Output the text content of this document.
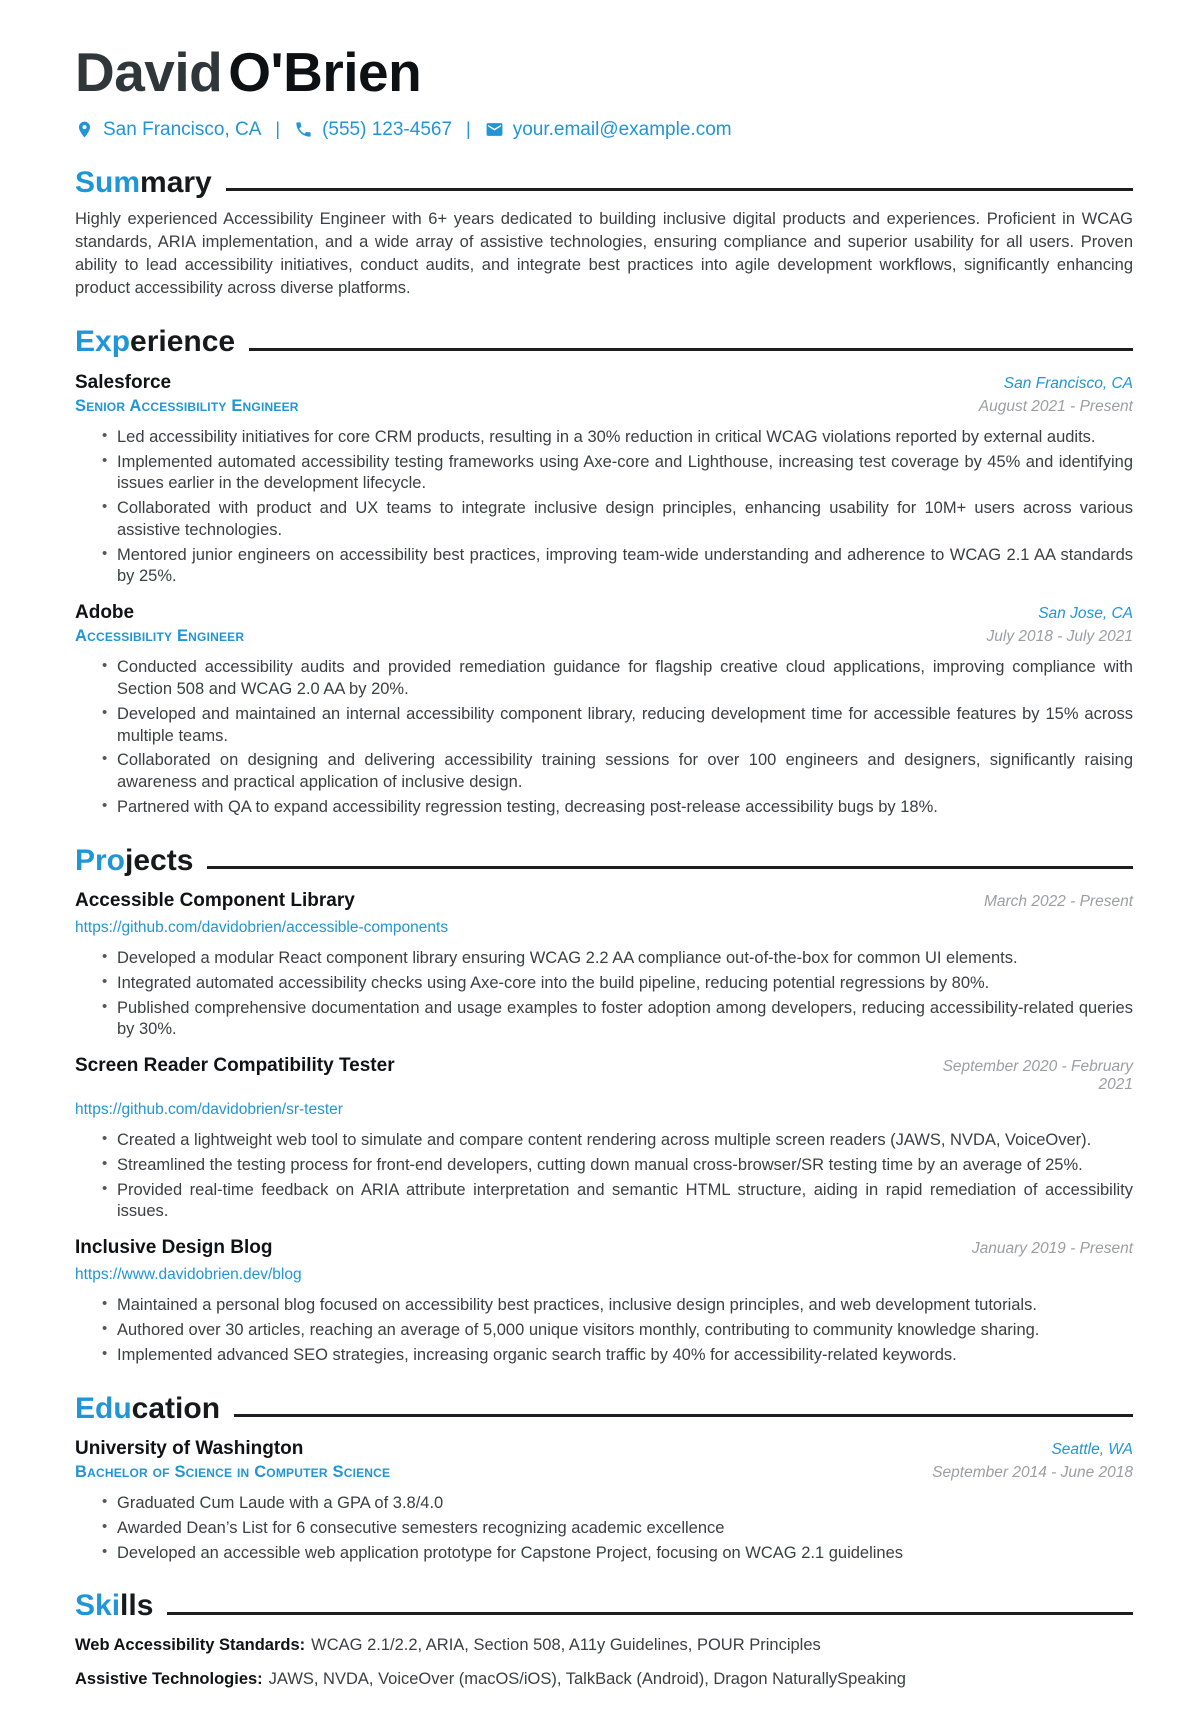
David O'Brien
San Francisco, CA | (555) 123-4567 | your.email@example.com
Sum mary

Highly experienced Accessibility Engineer with 6+ years dedicated to building inclusive digital products and experiences. Proficient in WCAG standards, ARIA implementation, and a wide array of assistive technologies, ensuring compliance and superior usability for all users. Proven ability to lead accessibility initiatives, conduct audits, and integrate best practices into agile development workflows, significantly enhancing product accessibility across diverse platforms.

Exp erience
Salesforce	San Francisco, CA
Senior Accessibility Engineer	August 2021 - Present
• Led accessibility initiatives for core CRM products, resulting in a 30% reduction in critical WCAG violations reported by external audits.
• Implemented automated accessibility testing frameworks using Axe-core and Lighthouse, increasing test coverage by 45% and identifying issues earlier in the development lifecycle.
• Collaborated with product and UX teams to integrate inclusive design principles, enhancing usability for 10M+ users across various assistive technologies.
• Mentored junior engineers on accessibility best practices, improving team-wide understanding and adherence to WCAG 2.1 AA standards by 25%.
Adobe	San Jose, CA
Accessibility Engineer	July 2018 - July 2021
• Conducted accessibility audits and provided remediation guidance for flagship creative cloud applications, improving compliance with Section 508 and WCAG 2.0 AA by 20%.
• Developed and maintained an internal accessibility component library, reducing development time for accessible features by 15% across multiple teams.
• Collaborated on designing and delivering accessibility training sessions for over 100 engineers and designers, significantly raising awareness and practical application of inclusive design.
• Partnered with QA to expand accessibility regression testing, decreasing post-release accessibility bugs by 18%.
Pro jects
Accessible Component Library	March 2022 - Present
https://github.com/davidobrien/accessible-components
• Developed a modular React component library ensuring WCAG 2.2 AA compliance out-of-the-box for common UI elements.
• Integrated automated accessibility checks using Axe-core into the build pipeline, reducing potential regressions by 80%.
• Published comprehensive documentation and usage examples to foster adoption among developers, reducing accessibility-related queries by 30%.
Screen Reader Compatibility Tester	September 2020 - February 2021
https://github.com/davidobrien/sr-tester
• Created a lightweight web tool to simulate and compare content rendering across multiple screen readers (JAWS, NVDA, VoiceOver).
• Streamlined the testing process for front-end developers, cutting down manual cross-browser/SR testing time by an average of 25%.
• Provided real-time feedback on ARIA attribute interpretation and semantic HTML structure, aiding in rapid remediation of accessibility issues.
Inclusive Design Blog	January 2019 - Present
https://www.davidobrien.dev/blog
• Maintained a personal blog focused on accessibility best practices, inclusive design principles, and web development tutorials.
• Authored over 30 articles, reaching an average of 5,000 unique visitors monthly, contributing to community knowledge sharing.
• Implemented advanced SEO strategies, increasing organic search traffic by 40% for accessibility-related keywords.
Edu cation
University of Washington	Seattle, WA
Bachelor of Science in Computer Science	September 2014 - June 2018
• Graduated Cum Laude with a GPA of 3.8/4.0
• Awarded Dean’s List for 6 consecutive semesters recognizing academic excellence
• Developed an accessible web application prototype for Capstone Project, focusing on WCAG 2.1 guidelines
Ski lls

Web Accessibility Standards: WCAG 2.1/2.2, ARIA, Section 508, A11y Guidelines, POUR Principles

Assistive Technologies: JAWS, NVDA, VoiceOver (macOS/iOS), TalkBack (Android), Dragon NaturallySpeaking
